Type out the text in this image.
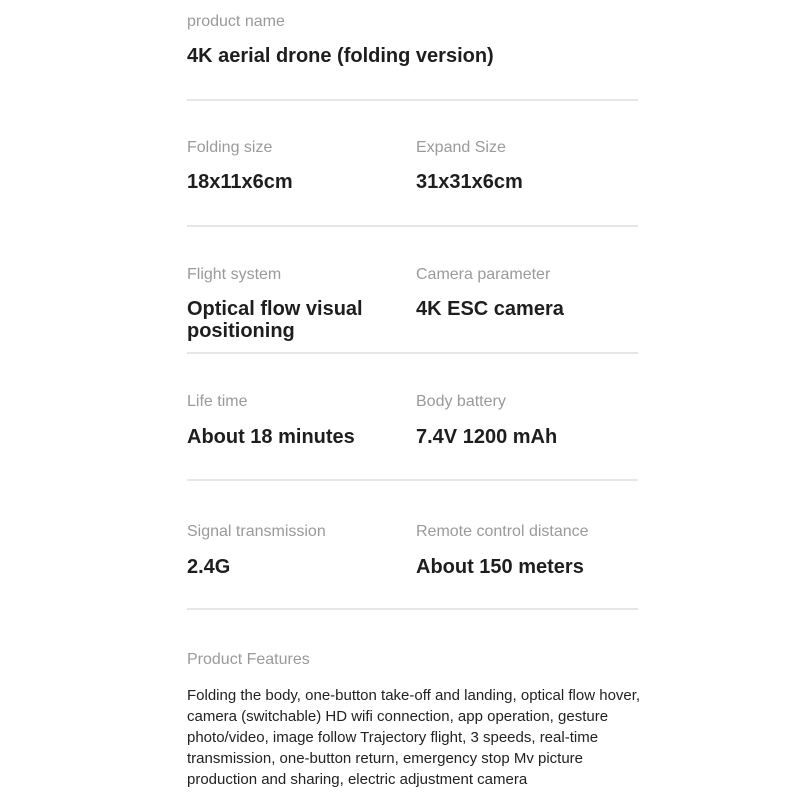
product name
4K aerial drone (folding version)
Folding size
18x11x6cm
Expand Size
31x31x6cm
Flight system
Optical flow visual positioning
Camera parameter
4K ESC camera
Life time
About 18 minutes
Body battery
7.4V 1200 mAh
Signal transmission
2.4G
Remote control distance
About 150 meters
Product Features
Folding the body, one-button take-off and landing, optical flow hover, camera (switchable) HD wifi connection, app operation, gesture photo/video, image follow Trajectory flight, 3 speeds, real-time transmission, one-button return, emergency stop Mv picture production and sharing, electric adjustment camera
